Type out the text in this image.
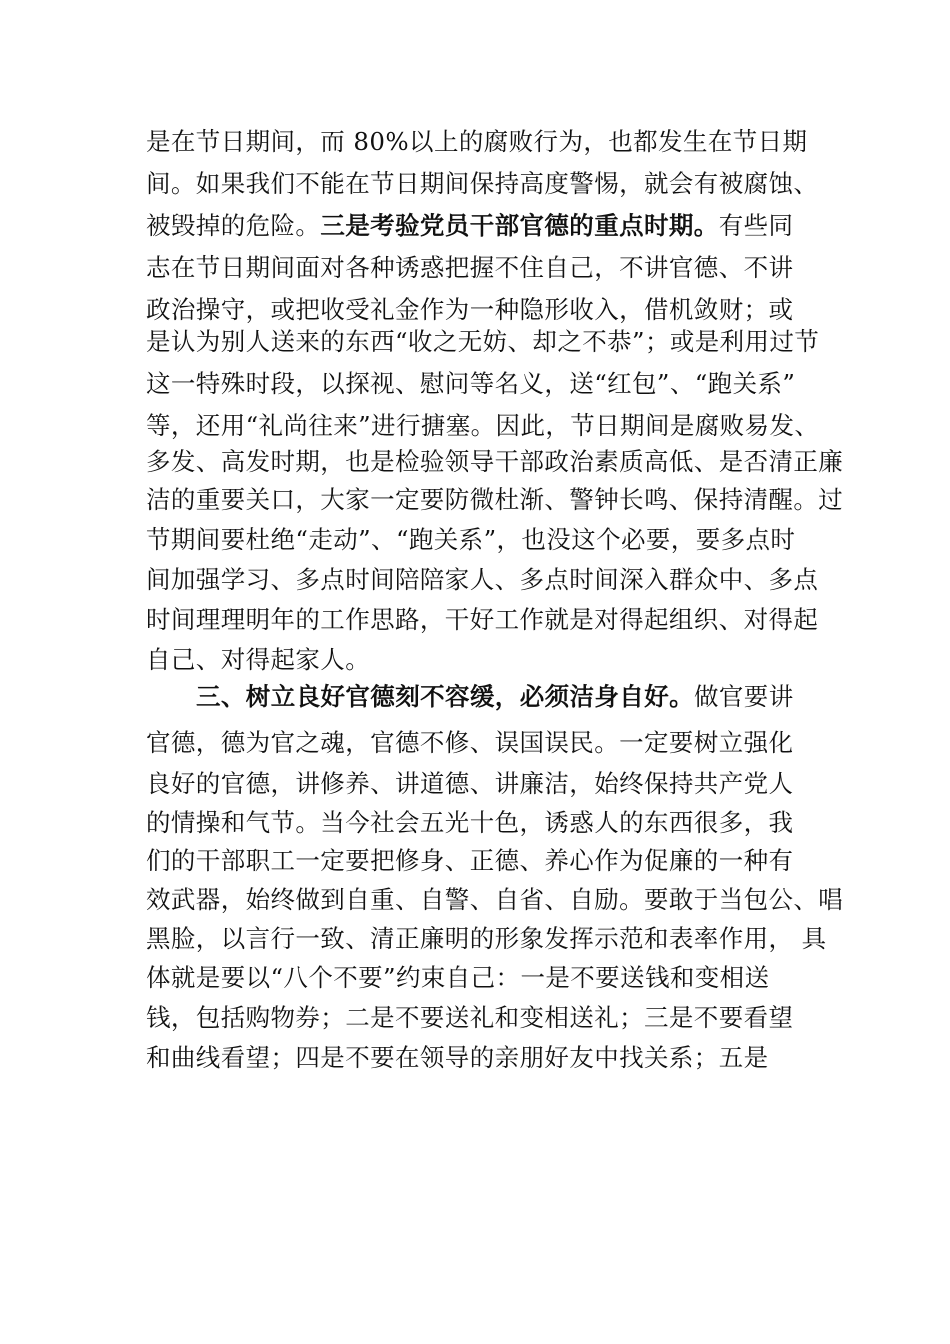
是在节日期间，而 80%以上的腐败行为，也都发生在节日期
间。如果我们不能在节日期间保持高度警惕，就会有被腐蚀、
被毁掉的危险。三是考验党员干部官德的重点时期。有些同
志在节日期间面对各种诱惑把握不住自己，不讲官德、不讲
政治操守，或把收受礼金作为一种隐形收入，借机敛财；或
是认为别人送来的东西“收之无妨、却之不恭”；或是利用过节
这一特殊时段，以探视、慰问等名义，送“红包”、“跑关系”
等，还用“礼尚往来”进行搪塞。因此，节日期间是腐败易发、
多发、高发时期，也是检验领导干部政治素质高低、是否清正廉
洁的重要关口，大家一定要防微杜渐、警钟长鸣、保持清醒。过
节期间要杜绝“走动”、“跑关系”，也没这个必要，要多点时
间加强学习、多点时间陪陪家人、多点时间深入群众中、多点
时间理理明年的工作思路，干好工作就是对得起组织、对得起
自己、对得起家人。
三、树立良好官德刻不容缓，必须洁身自好。做官要讲
官德，德为官之魂，官德不修、误国误民。一定要树立强化
良好的官德，讲修养、讲道德、讲廉洁，始终保持共产党人
的情操和气节。当今社会五光十色，诱惑人的东西很多，我
们的干部职工一定要把修身、正德、养心作为促廉的一种有
效武器，始终做到自重、自警、自省、自励。要敢于当包公、唱
黑脸，以言行一致、清正廉明的形象发挥示范和表率作用， 具
体就是要以“八个不要”约束自己：一是不要送钱和变相送
钱，包括购物券；二是不要送礼和变相送礼；三是不要看望
和曲线看望；四是不要在领导的亲朋好友中找关系；五是
